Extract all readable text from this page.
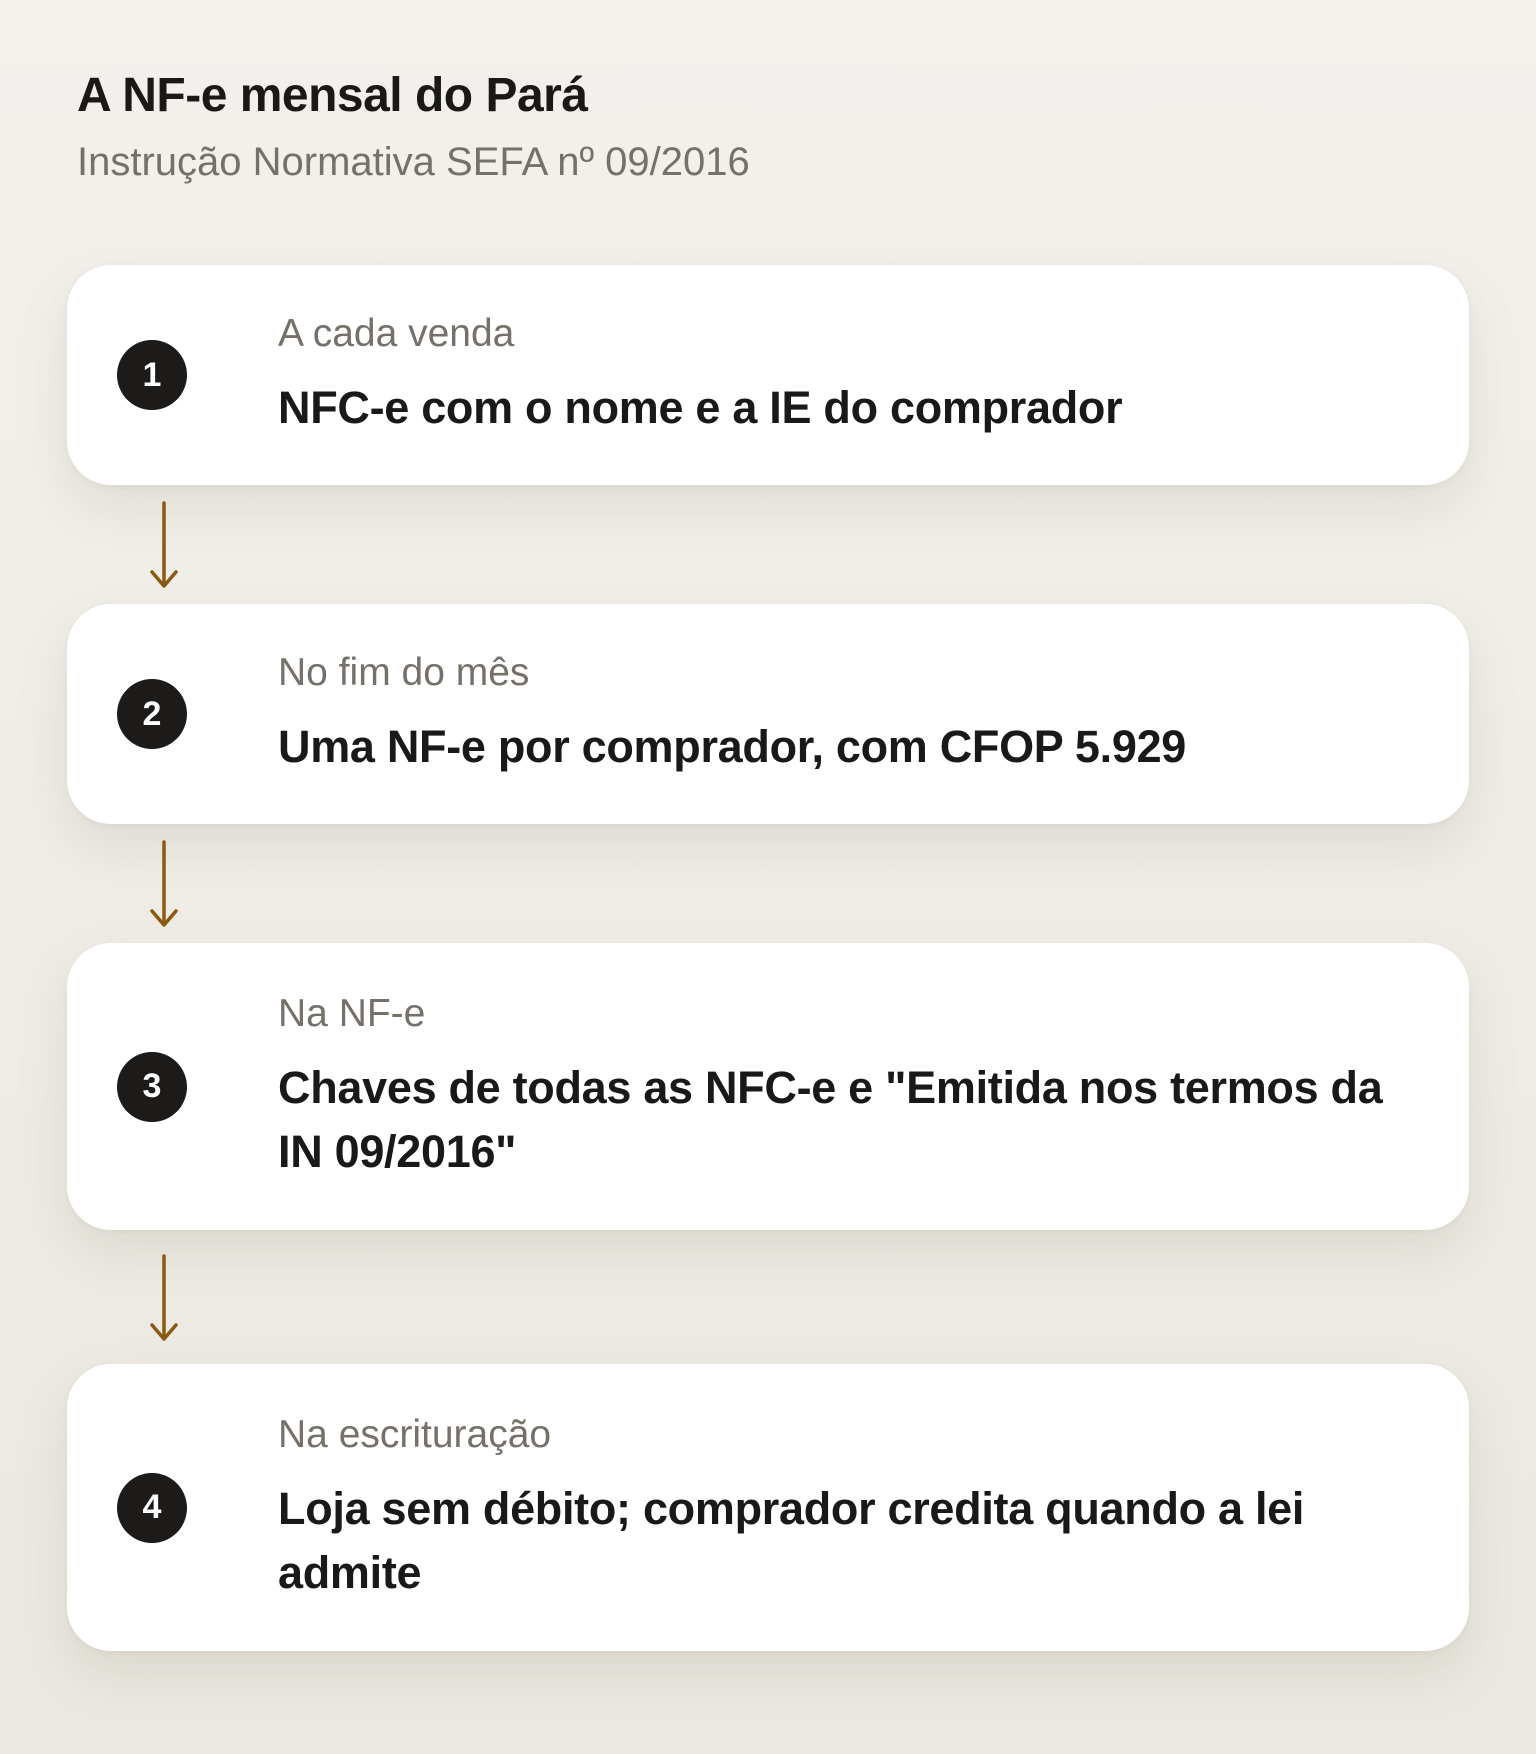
A NF-e mensal do Pará

Instrução Normativa SEFA nº 09/2016

1
A cada venda
NFC-e com o nome e a IE do comprador
2
No fim do mês
Uma NF-e por comprador, com CFOP 5.929
3
Na NF-e
Chaves de todas as NFC-e e "Emitida nos termos da IN 09/2016"
4
Na escrituração
Loja sem débito; comprador credita quando a lei admite
